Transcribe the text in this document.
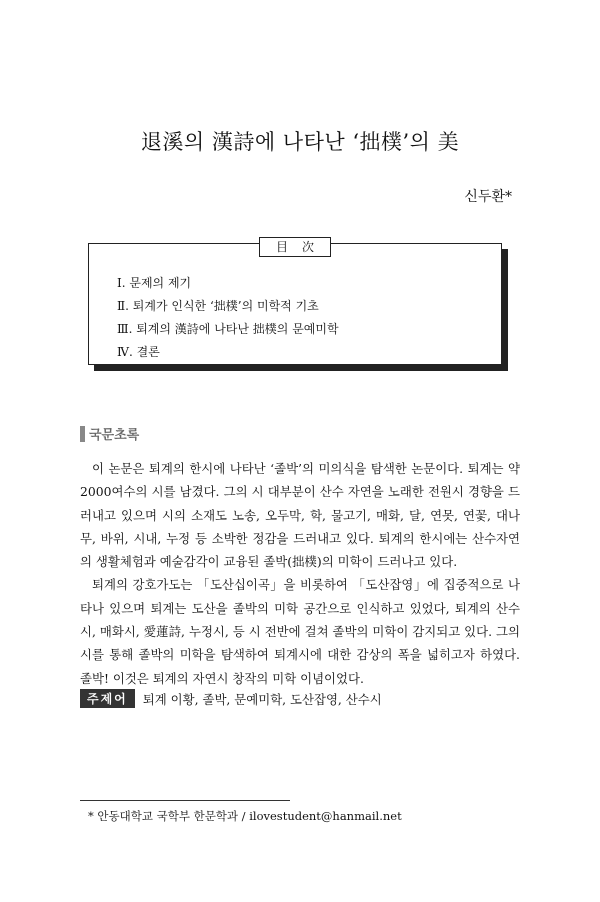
退溪의 漢詩에 나타난 ‘拙樸’의 美
신두환*
目次
Ⅰ. 문제의 제기
Ⅱ. 퇴계가 인식한 ‘拙樸’의 미학적 기초
Ⅲ. 퇴계의 漢詩에 나타난 拙樸의 문예미학
Ⅳ. 결론
국문초록

이 논문은 퇴계의 한시에 나타난 ‘졸박’의 미의식을 탐색한 논문이다. 퇴계는 약 2000여수의 시를 남겼다. 그의 시 대부분이 산수 자연을 노래한 전원시 경향을 드러내고 있으며 시의 소재도 노송, 오두막, 학, 물고기, 매화, 달, 연못, 연꽃, 대나무, 바위, 시내, 누정 등 소박한 정감을 드러내고 있다. 퇴계의 한시에는 산수자연의 생활체험과 예술감각이 교융된 졸박(拙樸)의 미학이 드러나고 있다.

퇴계의 강호가도는 「도산십이곡」을 비롯하여 「도산잡영」에 집중적으로 나타나 있으며 퇴계는 도산을 졸박의 미학 공간으로 인식하고 있었다, 퇴계의 산수시, 매화시, 愛蓮詩, 누정시, 등 시 전반에 걸쳐 졸박의 미학이 감지되고 있다. 그의 시를 통해 졸박의 미학을 탐색하여 퇴계시에 대한 감상의 폭을 넓히고자 하였다. 졸박! 이것은 퇴계의 자연시 창작의 미학 이념이었다.

주제어	퇴계 이황, 졸박, 문예미학, 도산잡영, 산수시
* 안동대학교 국학부 한문학과 / ilovestudent@hanmail.net
